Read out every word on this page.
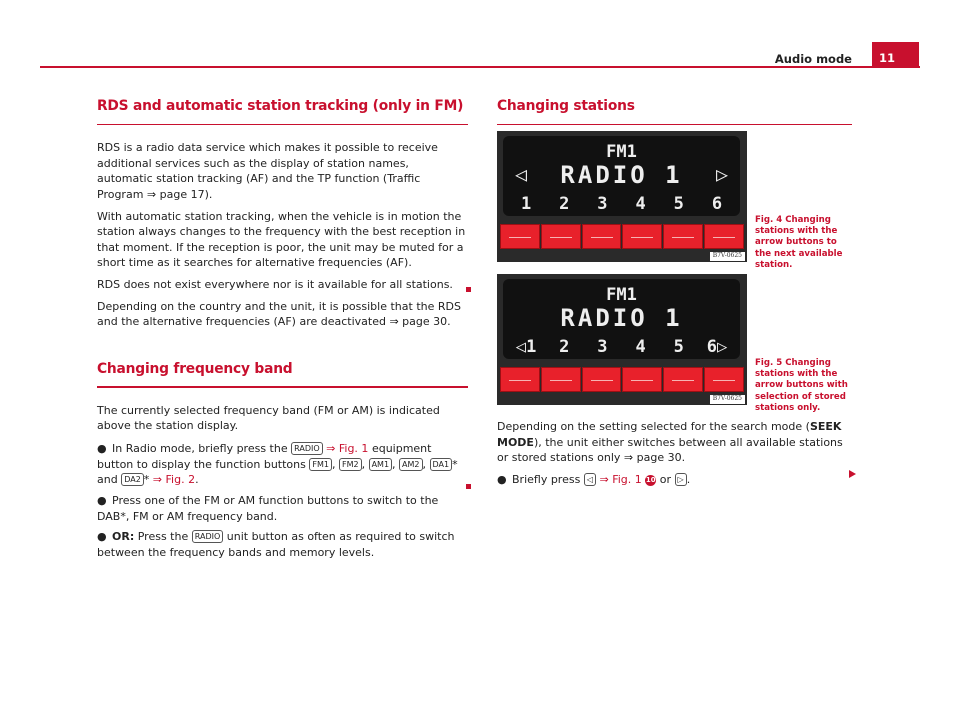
Audio mode	11
RDS and automatic station tracking (only in FM)

RDS is a radio data service which makes it possible to receive additional services such as the display of station names, automatic station tracking (AF) and the TP function (Traffic Program ⇒ page 17).

With automatic station tracking, when the vehicle is in motion the station always changes to the frequency with the best reception in that moment. If the reception is poor, the unit may be muted for a short time as it searches for alternative frequencies (AF).

RDS does not exist everywhere nor is it available for all stations.

Depending on the country and the unit, it is possible that the RDS and the alternative frequencies (AF) are deactivated ⇒ page 30.

Changing frequency band

The currently selected frequency band (FM or AM) is indicated above the station display.

● In Radio mode, briefly press the RADIO ⇒ Fig. 1 equipment button to display the function buttons FM1 , FM2 , AM1 , AM2 , DA1 * and DA2 * ⇒ Fig. 2.

● Press one of the FM or AM function buttons to switch to the DAB*, FM or AM frequency band.

● OR: Press the RADIO unit button as often as required to switch between the frequency bands and memory levels.

Changing stations
FM1
RADIO 1
◁	▷
1	2	3	4	5	6
B7V-0625
Fig. 4 Changing stations with the arrow buttons to the next available station.
FM1
RADIO 1
◁1	2	3	4	5	6▷
B7V-0625
Fig. 5 Changing stations with the arrow buttons with selection of stored stations only.

Depending on the setting selected for the search mode (SEEK MODE), the unit either switches between all available stations or stored stations only ⇒ page 30.

● Briefly press ◁ ⇒ Fig. 1 10 or ▷ .
